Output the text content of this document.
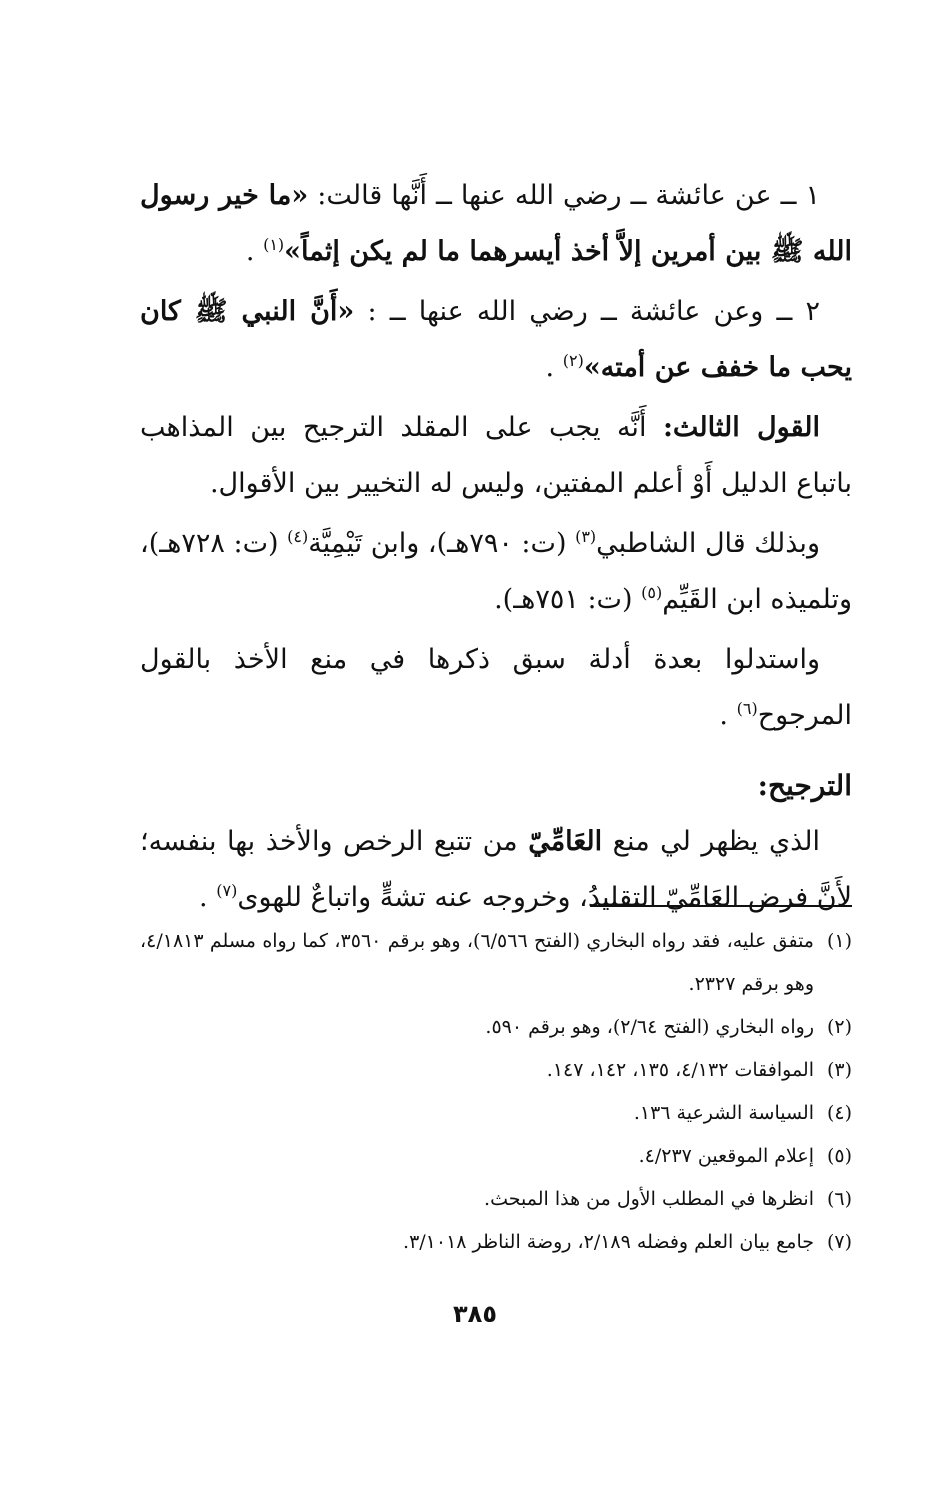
١ ــ عن عائشة ــ رضي الله عنها ــ أَنَّها قالت: «ما خير رسول الله ﷺ بين أمرين إلاَّ أخذ أيسرهما ما لم يكن إثماً»$^{(١)}$ .

٢ ــ وعن عائشة ــ رضي الله عنها ــ : «أَنَّ النبي ﷺ كان يحب ما خفف عن أمته»$^{(٢)}$ .

القول الثالث: أَنَّه يجب على المقلد الترجيح بين المذاهب باتباع الدليل أَوْ أعلم المفتين، وليس له التخيير بين الأقوال.

وبذلك قال الشاطبي$^{(٣)}$ (ت: ٧٩٠هـ)، وابن تَيْمِيَّة$^{(٤)}$ (ت: ٧٢٨هـ)، وتلميذه ابن القَيِّم$^{(٥)}$ (ت: ٧٥١هـ).

واستدلوا بعدة أدلة سبق ذكرها في منع الأخذ بالقول المرجوح$^{(٦)}$ .

الترجيح:

الذي يظهر لي منع العَامِّيّ من تتبع الرخص والأخذ بها بنفسه؛ لأَنَّ فرض العَامِّيّ التقليدُ، وخروجه عنه تشهٍّ واتباعٌ للهوى$^{(٧)}$ .

(١)
متفق عليه، فقد رواه البخاري (الفتح ٦/٥٦٦)، وهو برقم ٣٥٦٠، كما رواه مسلم ٤/١٨١٣، وهو برقم ٢٣٢٧.
(٢)
رواه البخاري (الفتح ٢/٦٤)، وهو برقم ٥٩٠.
(٣)
الموافقات ٤/١٣٢، ١٣٥، ١٤٢، ١٤٧.
(٤)
السياسة الشرعية ١٣٦.
(٥)
إعلام الموقعين ٤/٢٣٧.
(٦)
انظرها في المطلب الأول من هذا المبحث.
(٧)
جامع بيان العلم وفضله ٢/١٨٩، روضة الناظر ٣/١٠١٨.
٣٨٥
